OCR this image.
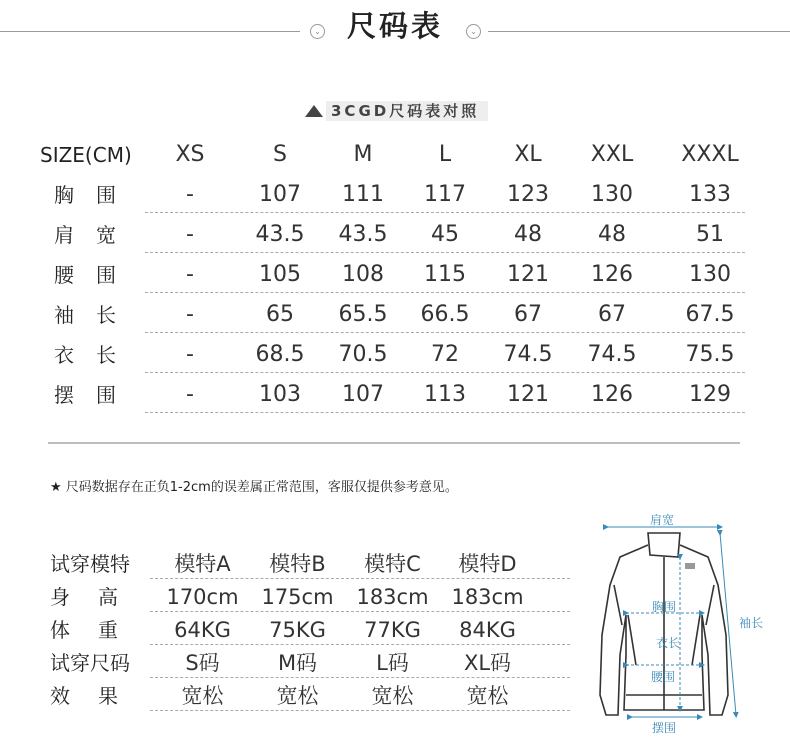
⌄ 尺码表	⌄
3CGD尺码表对照
SIZE(CM)	XS	S	M	L	XL	XXL	XXXL
胸围	-	107	111	117	123	130	133
肩宽	-	43.5	43.5	45	48	48	51
腰围	-	105	108	115	121	126	130
袖长	-	65	65.5	66.5	67	67	67.5
衣长	-	68.5	70.5	72	74.5	74.5	75.5
摆围	-	103	107	113	121	126	129
★ 尺码数据存在正负1-2cm的误差属正常范围，客服仅提供参考意见。
试穿模特	模特A	模特B	模特C	模特D
身高 170cm	175cm	183cm	183cm
体重	64KG	75KG	77KG	84KG
试穿尺码	S码	M码	L码	XL码
效果	宽松	宽松	宽松	宽松
肩宽
胸围
衣长
腰围
摆围
袖长
